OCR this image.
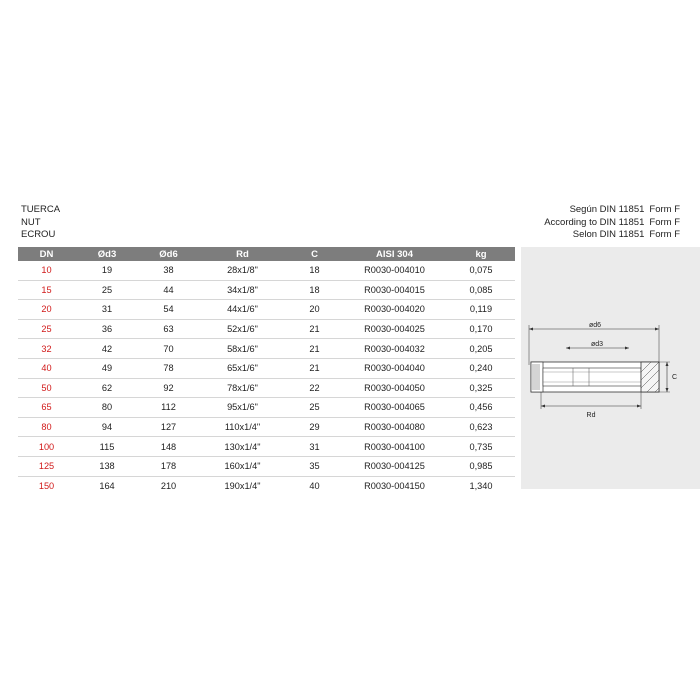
TUERCA
NUT
ECROU
Según DIN 11851 Form F
According to DIN 11851 Form F
Selon DIN 11851 Form F
DN	Ød3	Ød6	Rd	C	AISI 304	kg
10	19	38	28x1/8"	18	R0030-004010	0,075
15	25	44	34x1/8"	18	R0030-004015	0,085
20	31	54	44x1/6"	20	R0030-004020	0,119
25	36	63	52x1/6"	21	R0030-004025	0,170
32	42	70	58x1/6"	21	R0030-004032	0,205
40	49	78	65x1/6"	21	R0030-004040	0,240
50	62	92	78x1/6"	22	R0030-004050	0,325
65	80	112	95x1/6"	25	R0030-004065	0,456
80	94	127	110x1/4"	29	R0030-004080	0,623
100	115	148	130x1/4"	31	R0030-004100	0,735
125	138	178	160x1/4"	35	R0030-004125	0,985
150	164	210	190x1/4"	40	R0030-004150	1,340
ød6
ød3
C
Rd
